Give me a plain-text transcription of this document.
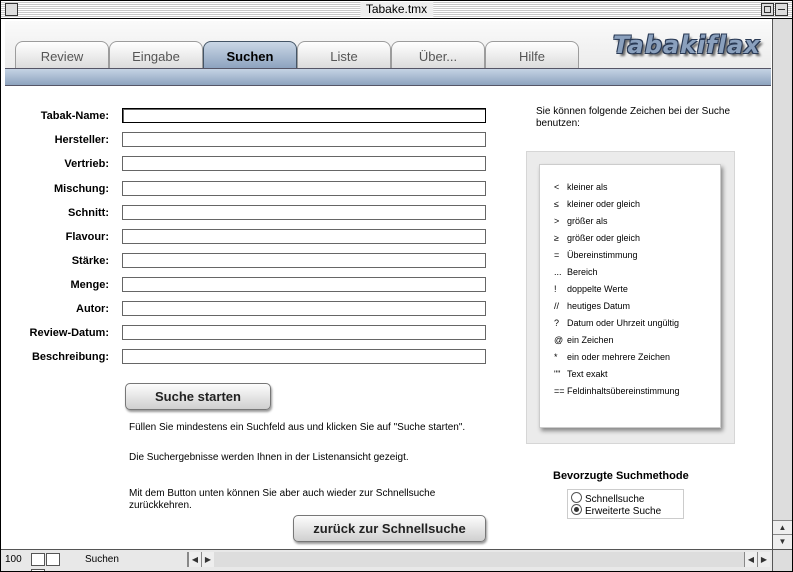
Tabake.tmx
Review	Eingabe	Suchen	Liste	Über...	Hilfe	Tabakiflax
Tabak-Name:
Hersteller:
Vertrieb:
Mischung:
Schnitt:
Flavour:
Stärke:
Menge:
Autor:
Review-Datum:
Beschreibung:
Suche starten
Füllen Sie mindestens ein Suchfeld aus und klicken Sie auf "Suche starten".
Die Suchergebnisse werden Ihnen in der Listenansicht gezeigt.
Mit dem Button unten können Sie aber auch wieder zur Schnellsuche zurückkehren.
zurück zur Schnellsuche
Sie können folgende Zeichen bei der Suche benutzen:
< kleiner als
≤ kleiner oder gleich
> größer als
≥ größer oder gleich
= Übereinstimmung
... Bereich
! doppelte Werte
// heutiges Datum
? Datum oder Uhrzeit ungültig
@ ein Zeichen
* ein oder mehrere Zeichen
"" Text exakt
== Feldinhaltsübereinstimmung
Bevorzugte Suchmethode
Schnellsuche
Erweiterte Suche
▲
▼
100	Suchen	◀ ▶	◀ ▶
